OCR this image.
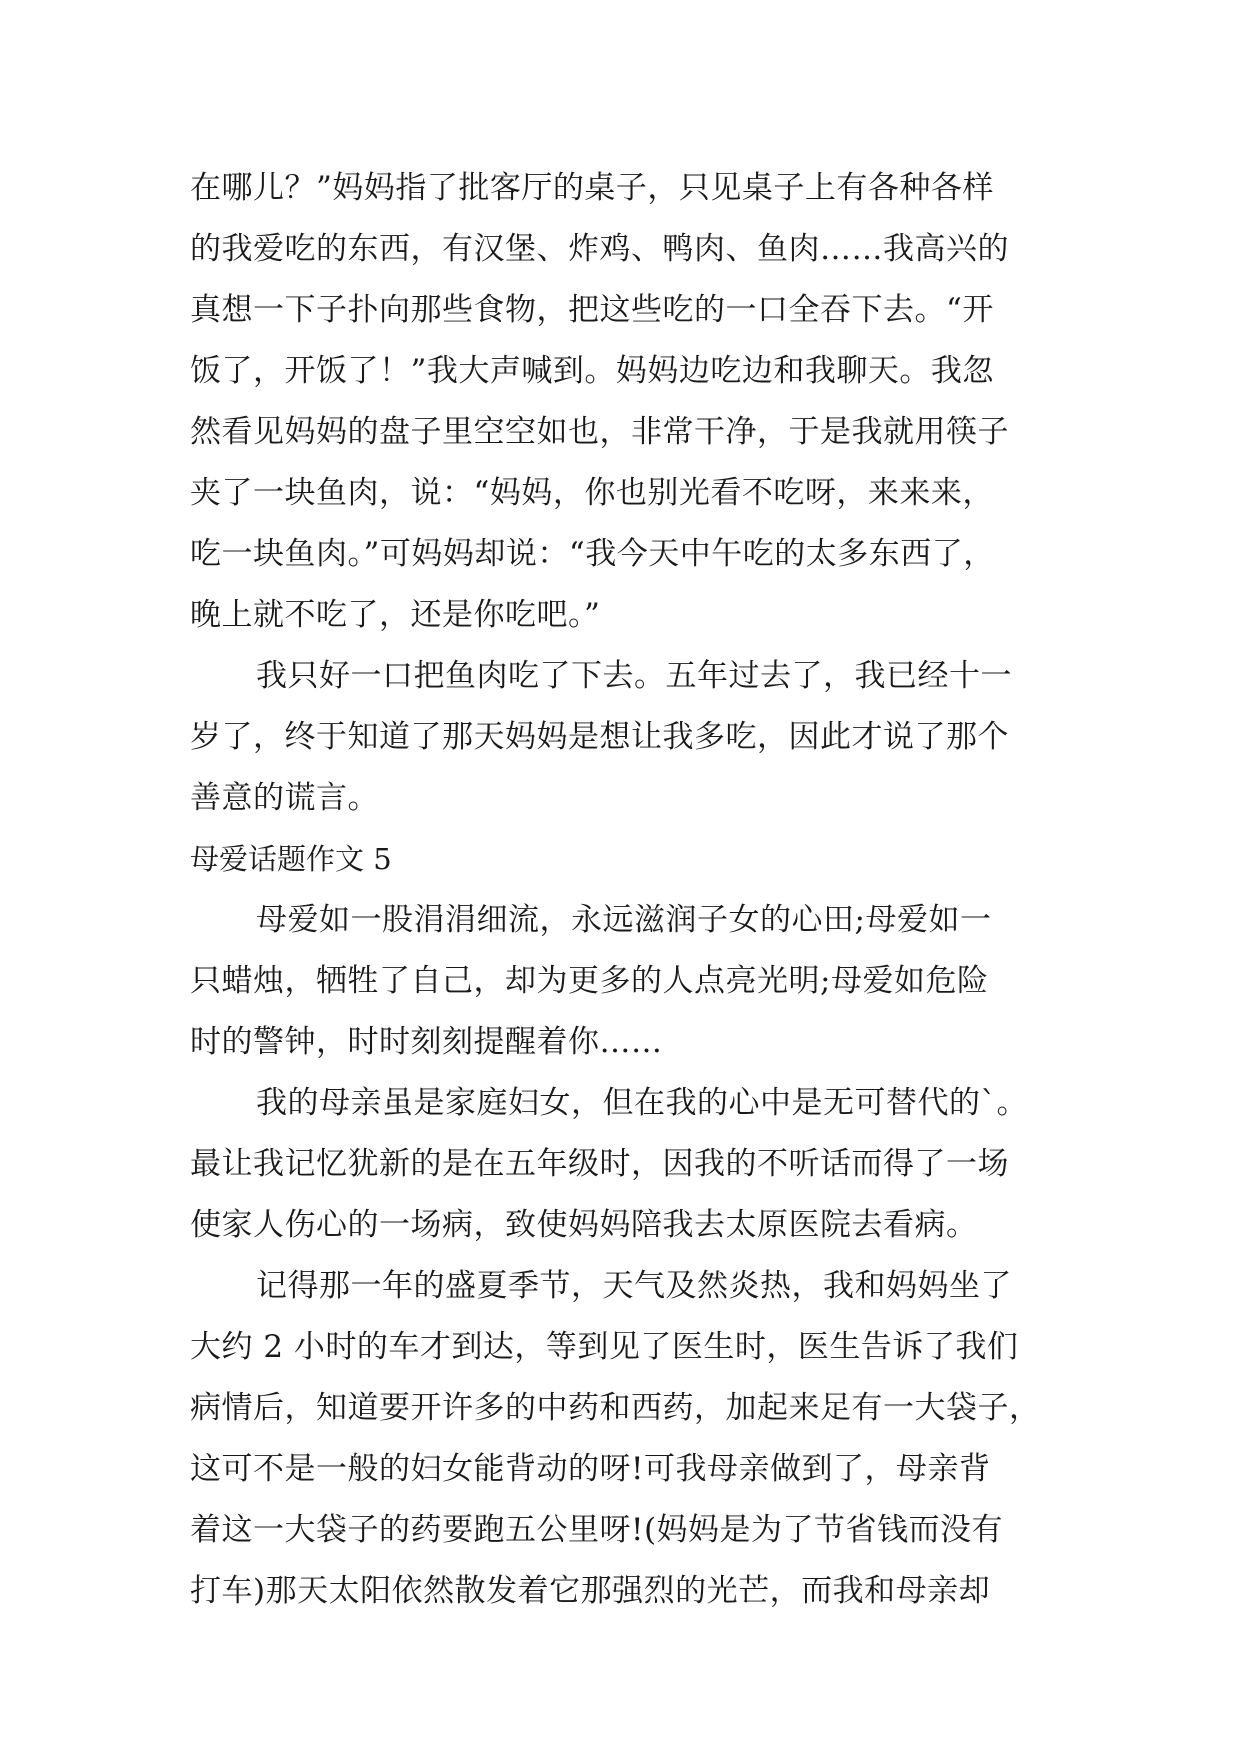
在哪儿？”妈妈指了批客厅的桌子，只见桌子上有各种各样
的我爱吃的东西，有汉堡、炸鸡、鸭肉、鱼肉……我高兴的
真想一下子扑向那些食物，把这些吃的一口全吞下去。“开
饭了，开饭了！”我大声喊到。妈妈边吃边和我聊天。我忽
然看见妈妈的盘子里空空如也，非常干净，于是我就用筷子
夹了一块鱼肉，说：“妈妈，你也别光看不吃呀，来来来，
吃一块鱼肉。”可妈妈却说：“我今天中午吃的太多东西了，
晚上就不吃了，还是你吃吧。”
我只好一口把鱼肉吃了下去。五年过去了，我已经十一
岁了，终于知道了那天妈妈是想让我多吃，因此才说了那个
善意的谎言。
母爱话题作文 5
母爱如一股涓涓细流，永远滋润子女的心田;母爱如一
只蜡烛，牺牲了自己，却为更多的人点亮光明;母爱如危险
时的警钟，时时刻刻提醒着你……
我的母亲虽是家庭妇女，但在我的心中是无可替代的`。
最让我记忆犹新的是在五年级时，因我的不听话而得了一场
使家人伤心的一场病，致使妈妈陪我去太原医院去看病。
记得那一年的盛夏季节，天气及然炎热，我和妈妈坐了
大约 2 小时的车才到达，等到见了医生时，医生告诉了我们
病情后，知道要开许多的中药和西药，加起来足有一大袋子，
这可不是一般的妇女能背动的呀!可我母亲做到了，母亲背
着这一大袋子的药要跑五公里呀!(妈妈是为了节省钱而没有
打车)那天太阳依然散发着它那强烈的光芒，而我和母亲却
